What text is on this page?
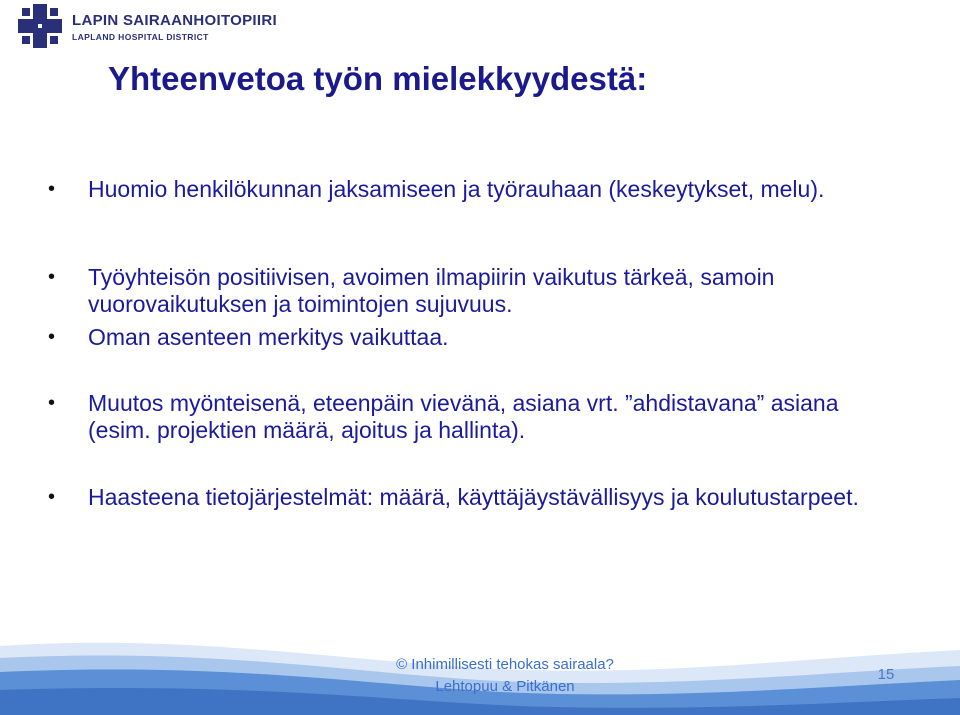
LAPIN SAIRAANHOITOPIIRI
LAPLAND HOSPITAL DISTRICT
Yhteenvetoa työn mielekkyydestä:
• Huomio henkilökunnan jaksamiseen ja työrauhaan (keskeytykset, melu).
• Työyhteisön positiivisen, avoimen ilmapiirin vaikutus tärkeä, samoin vuorovaikutuksen ja toimintojen sujuvuus.
• Oman asenteen merkitys vaikuttaa.
• Muutos myönteisenä, eteenpäin vievänä, asiana vrt. ”ahdistavana” asiana (esim. projektien määrä, ajoitus ja hallinta).
• Haasteena tietojärjestelmät: määrä, käyttäjäystävällisyys ja koulutustarpeet.
© Inhimillisesti tehokas sairaala?
Lehtopuu & Pitkänen
15
